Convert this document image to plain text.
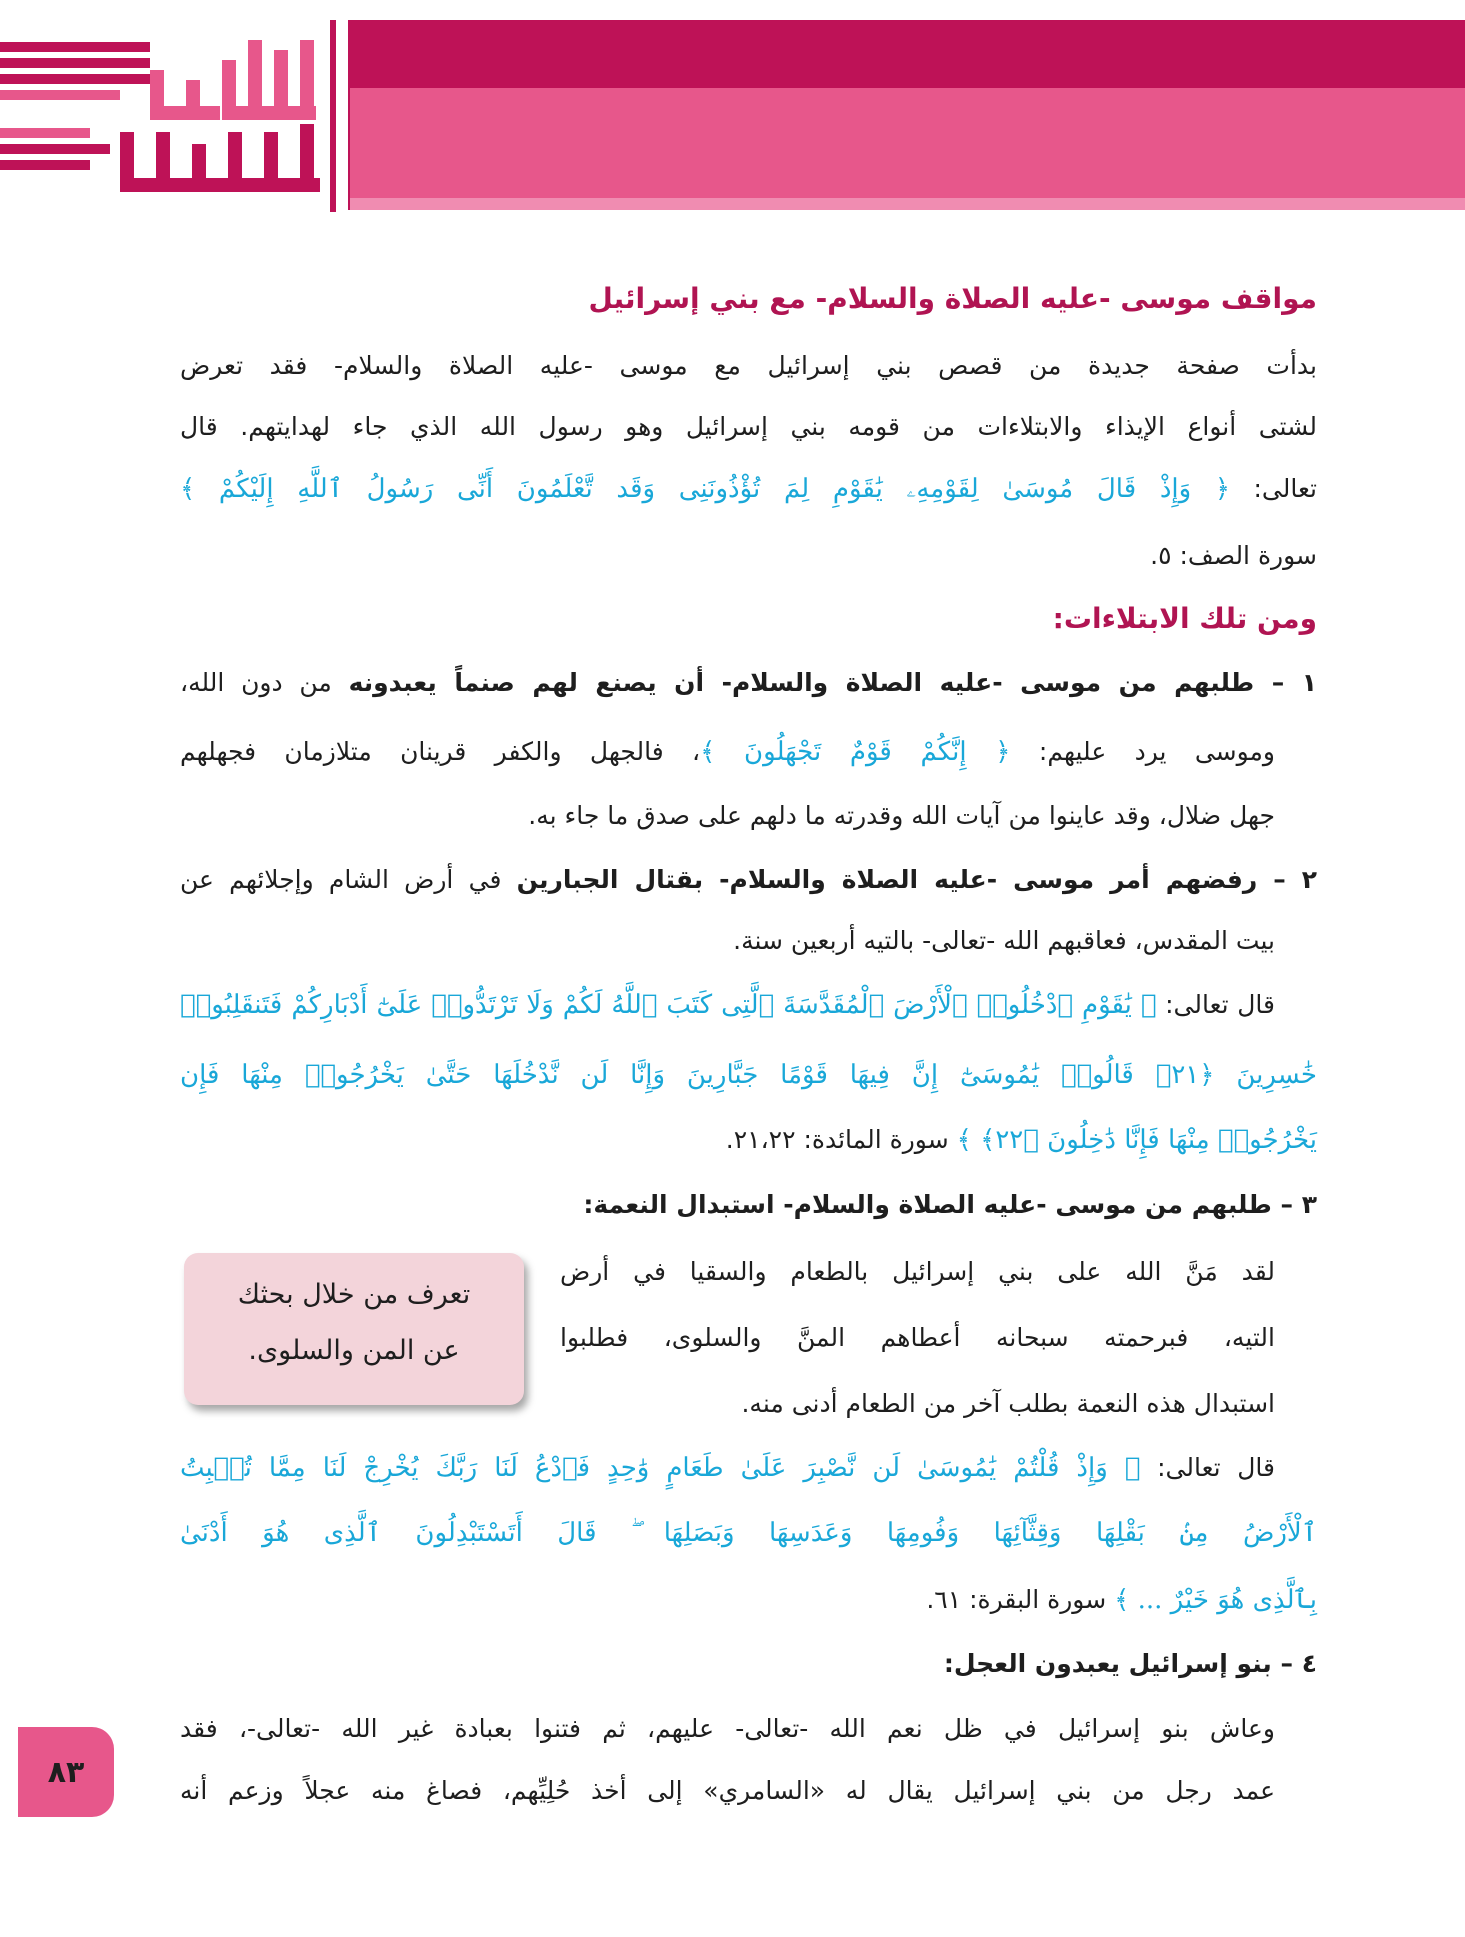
مواقف موسى -عليه الصلاة والسلام- مع بني إسرائيل
بدأت صفحة جديدة من قصص بني إسرائيل مع موسى -عليه الصلاة والسلام- فقد تعرض
لشتى أنواع الإيذاء والابتلاءات من قومه بني إسرائيل وهو رسول الله الذي جاء لهدايتهم. قال
تعالى: ﴿ وَإِذْ قَالَ مُوسَىٰ لِقَوْمِهِۦ يَٰقَوْمِ لِمَ تُؤْذُونَنِى وَقَد تَّعْلَمُونَ أَنِّى رَسُولُ ٱللَّهِ إِلَيْكُمْ ﴾
سورة الصف: ٥.
ومن تلك الابتلاءات:
١ – طلبهم من موسى -عليه الصلاة والسلام- أن يصنع لهم صنماً يعبدونه من دون الله،
وموسى يرد عليهم: ﴿ إِنَّكُمْ قَوْمٌ تَجْهَلُونَ ﴾، فالجهل والكفر قرينان متلازمان فجهلهم
جهل ضلال، وقد عاينوا من آيات الله وقدرته ما دلهم على صدق ما جاء به.
٢ – رفضهم أمر موسى -عليه الصلاة والسلام- بقتال الجبارين في أرض الشام وإجلائهم عن
بيت المقدس، فعاقبهم الله -تعالى- بالتيه أربعين سنة.
قال تعالى: ﴿ يَٰقَوْمِ ٱدْخُلُوا۟ ٱلْأَرْضَ ٱلْمُقَدَّسَةَ ٱلَّتِى كَتَبَ ٱللَّهُ لَكُمْ وَلَا تَرْتَدُّوا۟ عَلَىٰٓ أَدْبَارِكُمْ فَتَنقَلِبُوا۟
خَٰسِرِينَ ﴿٢١﴾ قَالُوا۟ يَٰمُوسَىٰٓ إِنَّ فِيهَا قَوْمًا جَبَّارِينَ وَإِنَّا لَن نَّدْخُلَهَا حَتَّىٰ يَخْرُجُوا۟ مِنْهَا فَإِن
يَخْرُجُوا۟ مِنْهَا فَإِنَّا دَٰخِلُونَ ﴿٢٢﴾ ﴾ سورة المائدة: ٢١،٢٢.
٣ – طلبهم من موسى -عليه الصلاة والسلام- استبدال النعمة:
لقد مَنَّ الله على بني إسرائيل بالطعام والسقيا في أرض
التيه، فبرحمته سبحانه أعطاهم المنَّ والسلوى، فطلبوا
استبدال هذه النعمة بطلب آخر من الطعام أدنى منه.
تعرف من خلال بحثك
عن المن والسلوى.
قال تعالى: ﴿ وَإِذْ قُلْتُمْ يَٰمُوسَىٰ لَن نَّصْبِرَ عَلَىٰ طَعَامٍ وَٰحِدٍ فَٱدْعُ لَنَا رَبَّكَ يُخْرِجْ لَنَا مِمَّا تُنۢبِتُ
ٱلْأَرْضُ مِنۢ بَقْلِهَا وَقِثَّآئِهَا وَفُومِهَا وَعَدَسِهَا وَبَصَلِهَا ۖ قَالَ أَتَسْتَبْدِلُونَ ٱلَّذِى هُوَ أَدْنَىٰ
بِٱلَّذِى هُوَ خَيْرٌ ... ﴾ سورة البقرة: ٦١.
٤ – بنو إسرائيل يعبدون العجل:
وعاش بنو إسرائيل في ظل نعم الله -تعالى- عليهم، ثم فتنوا بعبادة غير الله -تعالى-، فقد
عمد رجل من بني إسرائيل يقال له «السامري» إلى أخذ حُلِيِّهم، فصاغ منه عجلاً وزعم أنه
٨٣
